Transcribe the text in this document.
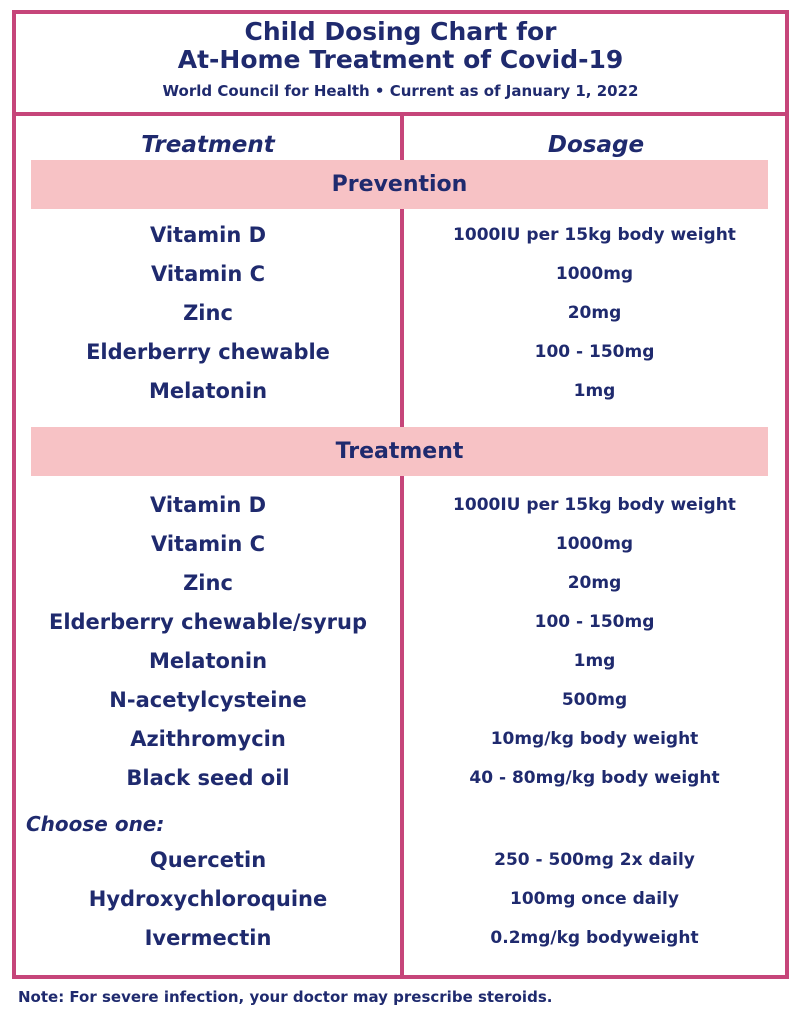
Child Dosing Chart for
At-Home Treatment of Covid-19
World Council for Health • Current as of January 1, 2022
Treatment	Dosage
Prevention
Vitamin D	1000IU per 15kg body weight
Vitamin C	1000mg
Zinc	20mg
Elderberry chewable	100 - 150mg
Melatonin	1mg
Treatment
Vitamin D	1000IU per 15kg body weight
Vitamin C	1000mg
Zinc	20mg
Elderberry chewable/syrup	100 - 150mg
Melatonin	1mg
N-acetylcysteine	500mg
Azithromycin	10mg/kg body weight
Black seed oil	40 - 80mg/kg body weight
Choose one:
Quercetin	250 - 500mg 2x daily
Hydroxychloroquine	100mg once daily
Ivermectin	0.2mg/kg bodyweight
Note: For severe infection, your doctor may prescribe steroids.
